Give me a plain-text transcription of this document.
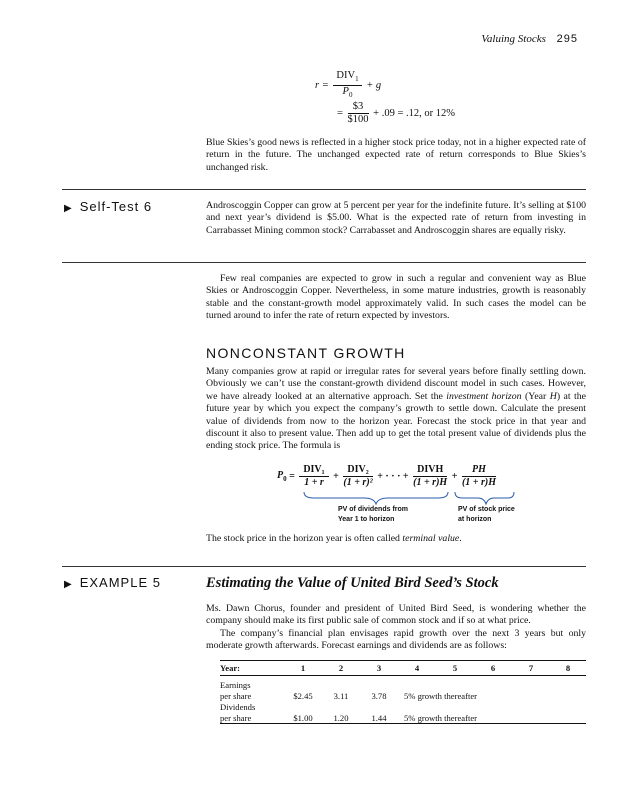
Valuing Stocks 295
$r = \frac{DIV_1}{P_0} + g$
= $\frac{\$3}{\$100} + .09 = .12$, or 12%
Blue Skies’s good news is reflected in a higher stock price today, not in a higher expected rate of return in the future. The unchanged expected rate of return corresponds to Blue Skies’s unchanged risk.
▶ Self-Test 6	Androscoggin Copper can grow at 5 percent per year for the indefinite future. It’s selling at $100 and next year’s dividend is $5.00. What is the expected rate of return from investing in Carrabasset Mining common stock? Carrabasset and Androscoggin shares are equally risky.
Few real companies are expected to grow in such a regular and convenient way as Blue Skies or Androscoggin Copper. Nevertheless, in some mature industries, growth is reasonably stable and the constant-growth model approximately valid. In such cases the model can be turned around to infer the rate of return expected by investors.
NONCONSTANT GROWTH
Many companies grow at rapid or irregular rates for several years before finally settling down. Obviously we can’t use the constant-growth dividend discount model in such cases. However, we have already looked at an alternative approach. Set the investment horizon (Year H) at the future year by which you expect the company’s growth to settle down. Calculate the present value of dividends from now to the horizon year. Forecast the stock price in that year and discount it also to present value. Then add up to get the total present value of dividends plus the ending stock price. The formula is
$P_0 = \frac{\text{DIV₁}}{1 + r} + \frac{\text{DIV₂}}{\text{(1 + r)²}}$ + · · · + $\frac{\text{DIVH}}{(1 + r)H} + \frac{PH}{(1 + r)H}$
PV of dividends from
Year 1 to horizon
PV of stock price
at horizon
The stock price in the horizon year is often called terminal value.
▶ EXAMPLE 5	Estimating the Value of United Bird Seed’s Stock
Ms. Dawn Chorus, founder and president of United Bird Seed, is wondering whether the company should make its first public sale of common stock and if so at what price.
The company’s financial plan envisages rapid growth over the next 3 years but only moderate growth afterwards. Forecast earnings and dividends are as follows:
Year:	1	2	3	4	5	6	7	8
Earnings								
per share	$2.45	3.11	3.78	5% growth thereafter				
Dividends								
per share	$1.00	1.20	1.44	5% growth thereafter				
